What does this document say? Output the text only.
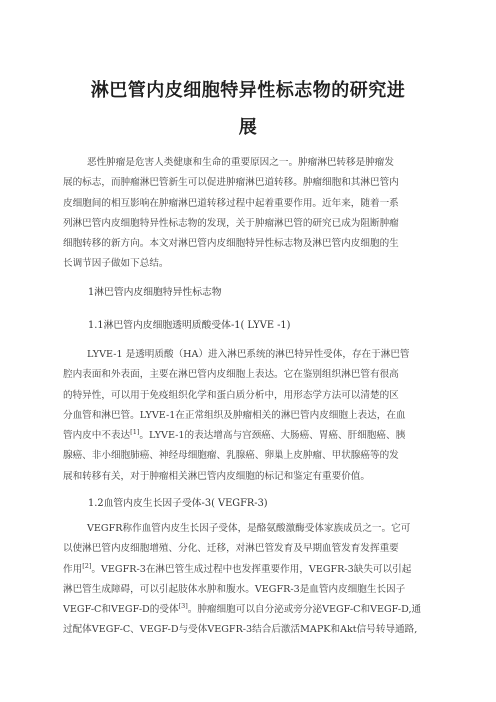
淋巴管内皮细胞特异性标志物的研究进
展
恶性肿瘤是危害人类健康和生命的重要原因之一。肿瘤淋巴转移是肿瘤发
展的标志，而肿瘤淋巴管新生可以促进肿瘤淋巴道转移。肿瘤细胞和其淋巴管内
皮细胞间的相互影响在肿瘤淋巴道转移过程中起着重要作用。近年来，随着一系
列淋巴管内皮细胞特异性标志物的发现，关于肿瘤淋巴管的研究已成为阻断肿瘤
细胞转移的新方向。本文对淋巴管内皮细胞特异性标志物及淋巴管内皮细胞的生
长调节因子做如下总结。
1淋巴管内皮细胞特异性标志物
1.1淋巴管内皮细胞透明质酸受体-1( LYVE -1)
LYVE-1 是透明质酸（HA）进入淋巴系统的淋巴特异性受体，存在于淋巴管
腔内表面和外表面，主要在淋巴管内皮细胞上表达。它在鉴别组织淋巴管有很高
的特异性，可以用于免疫组织化学和蛋白质分析中，用形态学方法可以清楚的区
分血管和淋巴管。LYVE-1在正常组织及肿瘤相关的淋巴管内皮细胞上表达，在血
管内皮中不表达[1]。LYVE-1的表达增高与宫颈癌、大肠癌、胃癌、肝细胞癌、胰
腺癌、非小细胞肺癌、神经母细胞瘤、乳腺癌、卵巢上皮肿瘤、甲状腺癌等的发
展和转移有关，对于肿瘤相关淋巴管内皮细胞的标记和鉴定有重要价值。
1.2血管内皮生长因子受体-3( VEGFR-3)
VEGFR称作血管内皮生长因子受体，是酪氨酸激酶受体家族成员之一。它可
以使淋巴管内皮细胞增殖、分化、迁移，对淋巴管发育及早期血管发育发挥重要
作用[2]。VEGFR-3在淋巴管生成过程中也发挥重要作用，VEGFR-3缺失可以引起
淋巴管生成障碍，可以引起肢体水肿和腹水。VEGFR-3是血管内皮细胞生长因子
VEGF-C和VEGF-D的受体[3]。肿瘤细胞可以自分泌或旁分泌VEGF-C和VEGF-D,通
过配体VEGF-C、VEGF-D与受体VEGFR-3结合后激活MAPK和Akt信号转导通路,
